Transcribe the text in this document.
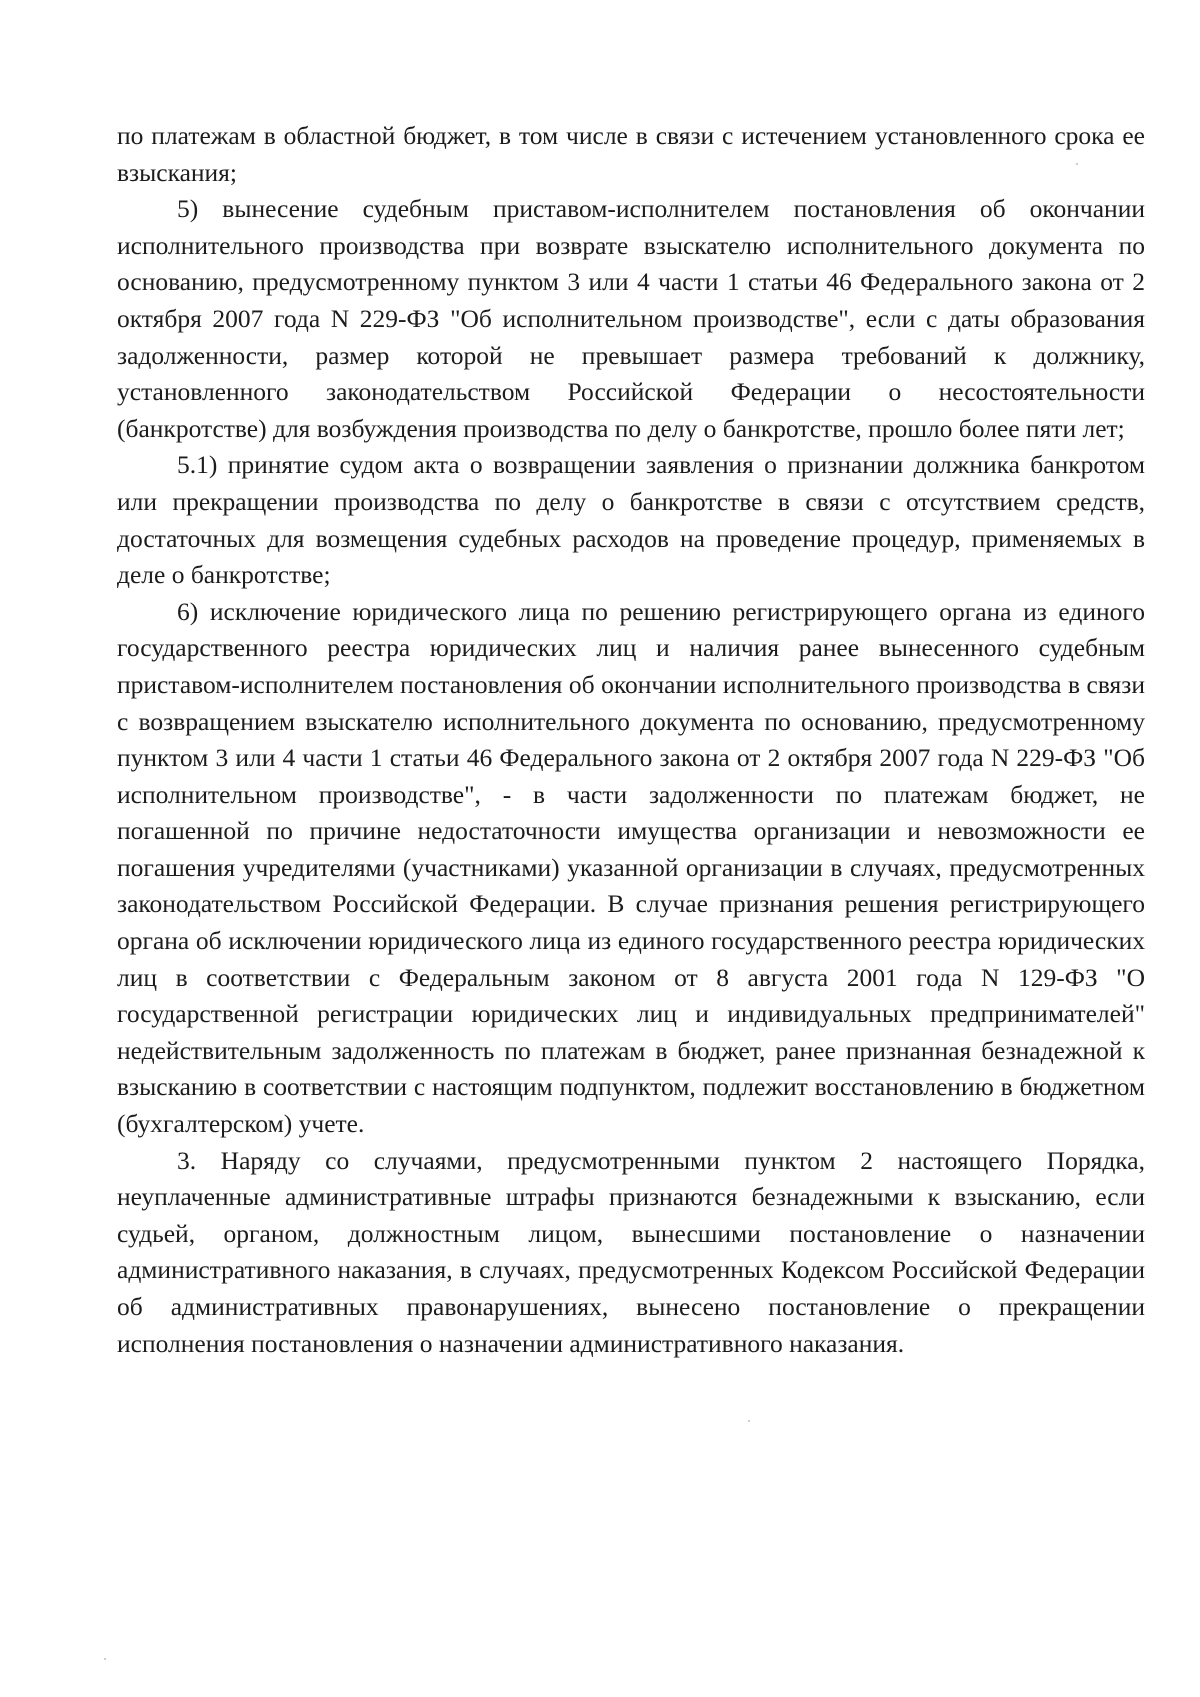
по платежам в областной бюджет, в том числе в связи с истечением установленного срока ее взыскания;

5) вынесение судебным приставом-исполнителем постановления об окончании исполнительного производства при возврате взыскателю исполнительного документа по основанию, предусмотренному пунктом 3 или 4 части 1 статьи 46 Федерального закона от 2 октября 2007 года N 229-ФЗ "Об исполнительном производстве", если с даты образования задолженности, размер которой не превышает размера требований к должнику, установленного законодательством Российской Федерации о несостоятельности (банкротстве) для возбуждения производства по делу о банкротстве, прошло более пяти лет;

5.1) принятие судом акта о возвращении заявления о признании должника банкротом или прекращении производства по делу о банкротстве в связи с отсутствием средств, достаточных для возмещения судебных расходов на проведение процедур, применяемых в деле о банкротстве;

6) исключение юридического лица по решению регистрирующего органа из единого государственного реестра юридических лиц и наличия ранее вынесенного судебным приставом-исполнителем постановления об окончании исполнительного производства в связи с возвращением взыскателю исполнительного документа по основанию, предусмотренному пунктом 3 или 4 части 1 статьи 46 Федерального закона от 2 октября 2007 года N 229-ФЗ "Об исполнительном производстве", - в части задолженности по платежам бюджет, не погашенной по причине недостаточности имущества организации и невозможности ее погашения учредителями (участниками) указанной организации в случаях, предусмотренных законодательством Российской Федерации. В случае признания решения регистрирующего органа об исключении юридического лица из единого государственного реестра юридических лиц в соответствии с Федеральным законом от 8 августа 2001 года N 129-ФЗ "О государственной регистрации юридических лиц и индивидуальных предпринимателей" недействительным задолженность по платежам в бюджет, ранее признанная безнадежной к взысканию в соответствии с настоящим подпунктом, подлежит восстановлению в бюджетном (бухгалтерском) учете.

3. Наряду со случаями, предусмотренными пунктом 2 настоящего Порядка, неуплаченные административные штрафы признаются безнадежными к взысканию, если судьей, органом, должностным лицом, вынесшими постановление о назначении административного наказания, в случаях, предусмотренных Кодексом Российской Федерации об административных правонарушениях, вынесено постановление о прекращении исполнения постановления о назначении административного наказания.
